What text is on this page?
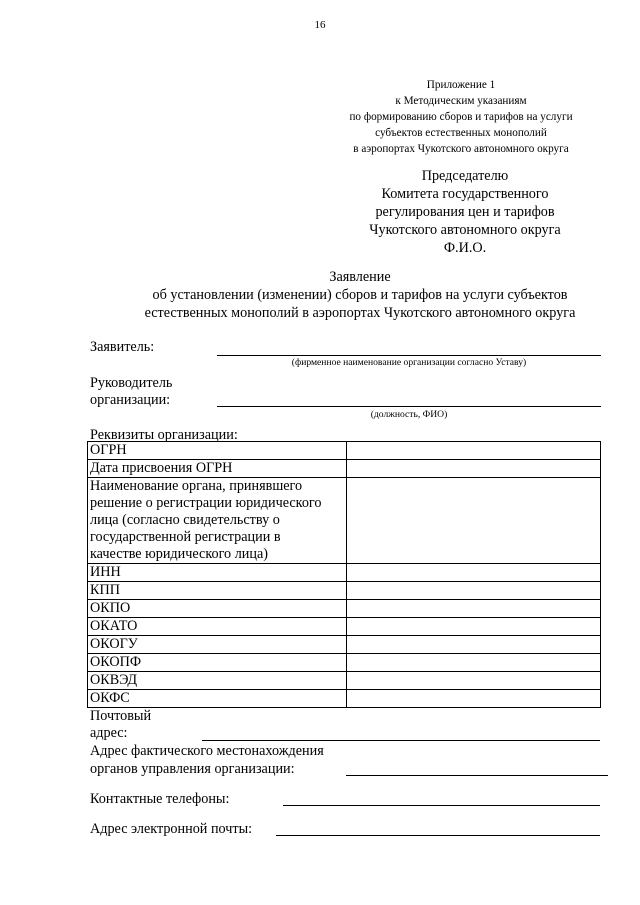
16
Приложение 1
к Методическим указаниям
по формированию сборов и тарифов на услуги
субъектов естественных монополий
в аэропортах Чукотского автономного округа
Председателю
Комитета государственного
регулирования цен и тарифов
Чукотского автономного округа
Ф.И.О.
Заявление
об установлении (изменении) сборов и тарифов на услуги субъектов
естественных монополий в аэропортах Чукотского автономного округа
Заявитель:
(фирменное наименование организации согласно Уставу)
Руководитель
организации:
(должность, ФИО)
Реквизиты организации:
ОГРН	
Дата присвоения ОГРН	

Наименование органа, принявшего
решение о регистрации юридического
лица (согласно свидетельству о
государственной регистрации в
качестве юридического лица)	

ИНН	
КПП	
ОКПО	
ОКАТО	
ОКОГУ	
ОКОПФ	
ОКВЭД	
ОКФС	
Почтовый
адрес:
Адрес фактического местонахождения
органов управления организации:
Контактные телефоны:
Адрес электронной почты:
